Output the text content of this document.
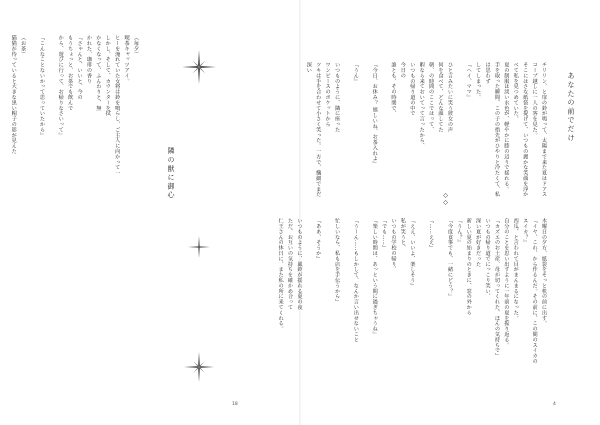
（毎夕）
喫茶キャッツアイ。
ヒーを淹れていた女将は鈴を鳴らし、ご主人に向かって一
しかし、そして、カウンターを拭
かなくなって、ふんわりと、無
かれた、珈琲の香り
『さゃんと、いいと、今の
もうちょっと、お茶でも飲んで
から、遊びに行って、お帰りなさいって』

『こんなことないかって思っていたから』

（お茶）
猫猫が待っていると大きな黒い帽子の影が見えた

隣の獣に御心
18
木曜日の夕方、紙袋をそっと机の前に出す。
『イヤ、これ、から作るんだ。その前に、この間のスイカの
スイカ？』
西瓜、と言われて目がまんまるになった。
自分のことを思い出すように一年前の夏を振り返る。
『カズエのお土産、母が切ってくれた、ほんの気持ちで』
いつもの帰り道でにっこり笑い、
深い夏が好きだった
新しい夏の始まりのときに、窓の外から
『うん？』
『今度食事でも、一緒にどう？』

『……ええ』

『ええ、いいよ、楽しそう』
私が笑うと、
いつもの学校の帰り、
『でも……』
『楽しい時間は、あっという間に過ぎちゃうね』

『うーん……もしかして、なんか言い出せないこと

忙しいなら、私も店を手伝うから』

『ああ、そうか』

いつものように、風鈴が揺れる夏の夜
ただ、お互いの気持ちを確かめ合って
仁王さんの休日に、また私の所に来てくれる。
◇◇
チリリン、と扉の鈴が鳴って、太陽まで来た夏はドアスコープ越しに一人の客を見た。
そこにはさな紙袋を提げて、いつもの麗かな笑顔を浮かべて私を見つめていた。
夏の制服は淡い水色が、軽やかに膝の辺りで揺れる。
手を取った瞬間、この子の指先がひやりと冷たくて、私は思わず
してしまった。
『ヘイ、ママ』

ひと言みたいに笑う彼女の声
何を食べて、どんな顔してた
朝、の時間のここではって、
暇なら来ておいてって言ったから、
いつもの帰り道の中で
今日の
誰とも、その時間で、

『今日、お休み？ 嬉しいね、お茶入れよ』

『うん』

いつものように、隣に座った
ワンピースのポケットから
ツキは手を合わせて小さく笑った。一方で、繊細でまだ深い
あなたの前でだけ
4
